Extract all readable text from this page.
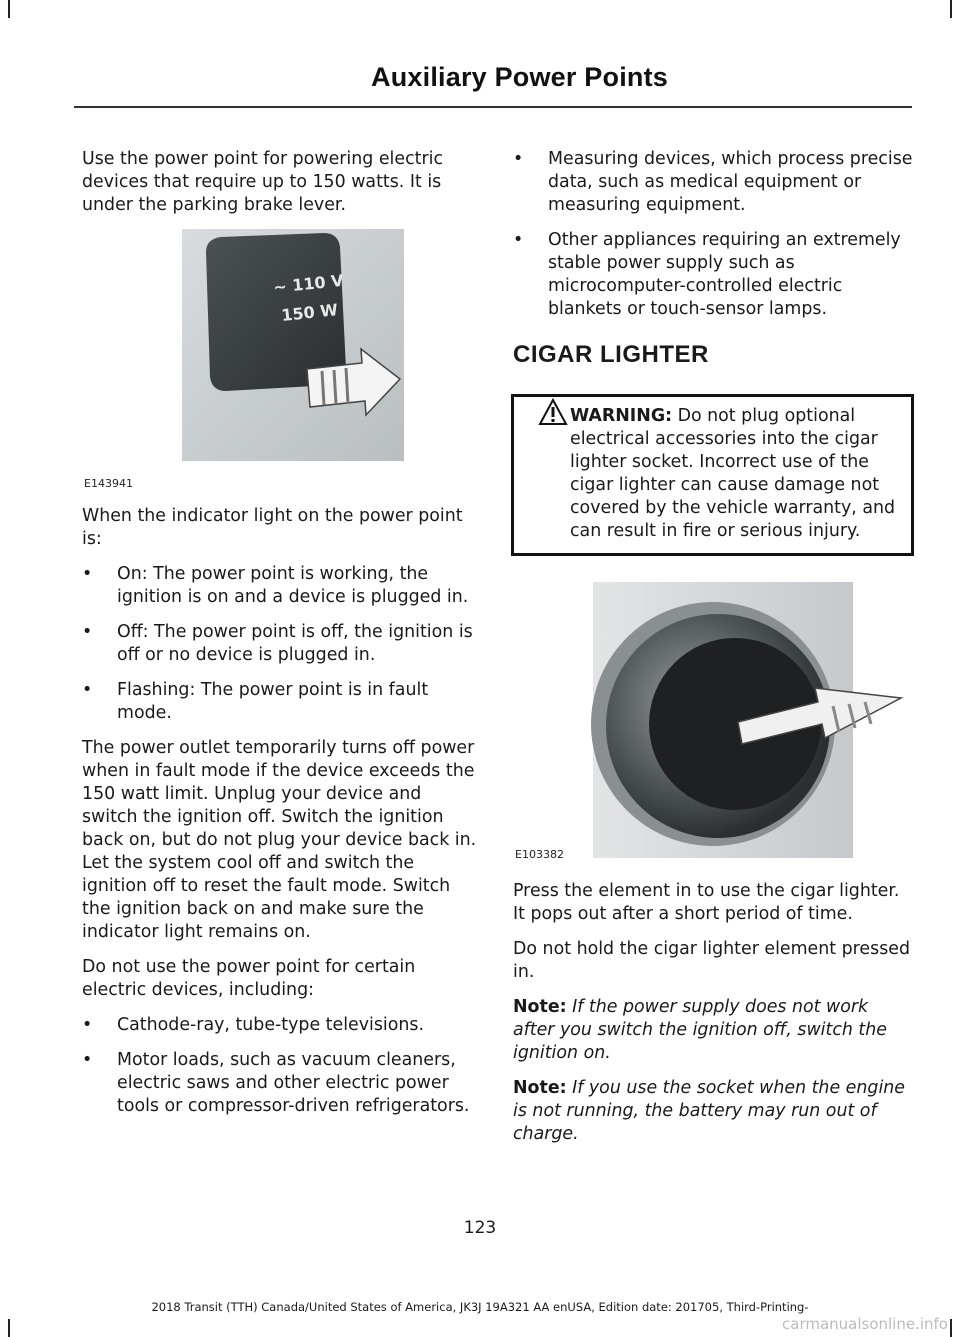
Auxiliary Power Points

Use the power point for powering electric devices that require up to 150 watts. It is under the parking brake lever.

~ 110 V
150 W
E143941

When the indicator light on the power point is:

• On: The power point is working, the ignition is on and a device is plugged in.
• Off: The power point is off, the ignition is off or no device is plugged in.
• Flashing: The power point is in fault mode.

The power outlet temporarily turns off power when in fault mode if the device exceeds the 150 watt limit. Unplug your device and switch the ignition off. Switch the ignition back on, but do not plug your device back in. Let the system cool off and switch the ignition off to reset the fault mode. Switch the ignition back on and make sure the indicator light remains on.

Do not use the power point for certain electric devices, including:

• Cathode-ray, tube-type televisions.
• Motor loads, such as vacuum cleaners, electric saws and other electric power tools or compressor-driven refrigerators.
• Measuring devices, which process precise data, such as medical equipment or measuring equipment.
• Other appliances requiring an extremely stable power supply such as microcomputer-controlled electric blankets or touch-sensor lamps.
CIGAR LIGHTER
WARNING: Do not plug optional electrical accessories into the cigar lighter socket. Incorrect use of the cigar lighter can cause damage not covered by the vehicle warranty, and can result in fire or serious injury.
E103382

Press the element in to use the cigar lighter. It pops out after a short period of time.

Do not hold the cigar lighter element pressed in.

Note: If the power supply does not work after you switch the ignition off, switch the ignition on.

Note: If you use the socket when the engine is not running, the battery may run out of charge.

123
2018 Transit (TTH) Canada/United States of America, JK3J 19A321 AA enUSA, Edition date: 201705, Third-Printing-
carmanualsonline.info
